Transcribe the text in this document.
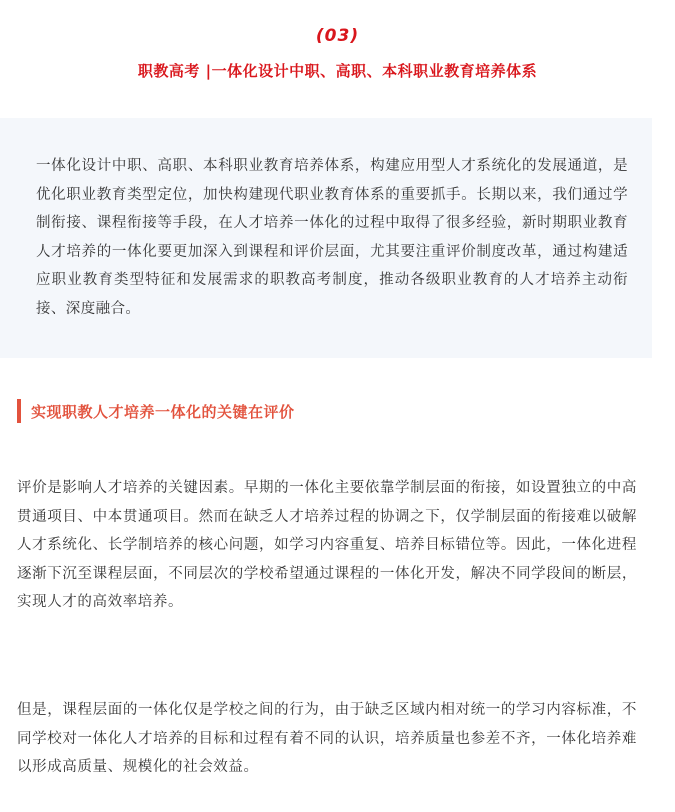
(03)
职教高考 |一体化设计中职、高职、本科职业教育培养体系

一体化设计中职、高职、本科职业教育培养体系，构建应用型人才系统化的发展通道，是优化职业教育类型定位，加快构建现代职业教育体系的重要抓手。长期以来，我们通过学制衔接、课程衔接等手段，在人才培养一体化的过程中取得了很多经验，新时期职业教育人才培养的一体化要更加深入到课程和评价层面，尤其要注重评价制度改革，通过构建适应职业教育类型特征和发展需求的职教高考制度，推动各级职业教育的人才培养主动衔接、深度融合。

实现职教人才培养一体化的关键在评价

评价是影响人才培养的关键因素。早期的一体化主要依靠学制层面的衔接，如设置独立的中高贯通项目、中本贯通项目。然而在缺乏人才培养过程的协调之下，仅学制层面的衔接难以破解人才系统化、长学制培养的核心问题，如学习内容重复、培养目标错位等。因此，一体化进程逐渐下沉至课程层面，不同层次的学校希望通过课程的一体化开发，解决不同学段间的断层，实现人才的高效率培养。

但是，课程层面的一体化仅是学校之间的行为，由于缺乏区域内相对统一的学习内容标准，不同学校对一体化人才培养的目标和过程有着不同的认识，培养质量也参差不齐，一体化培养难以形成高质量、规模化的社会效益。
